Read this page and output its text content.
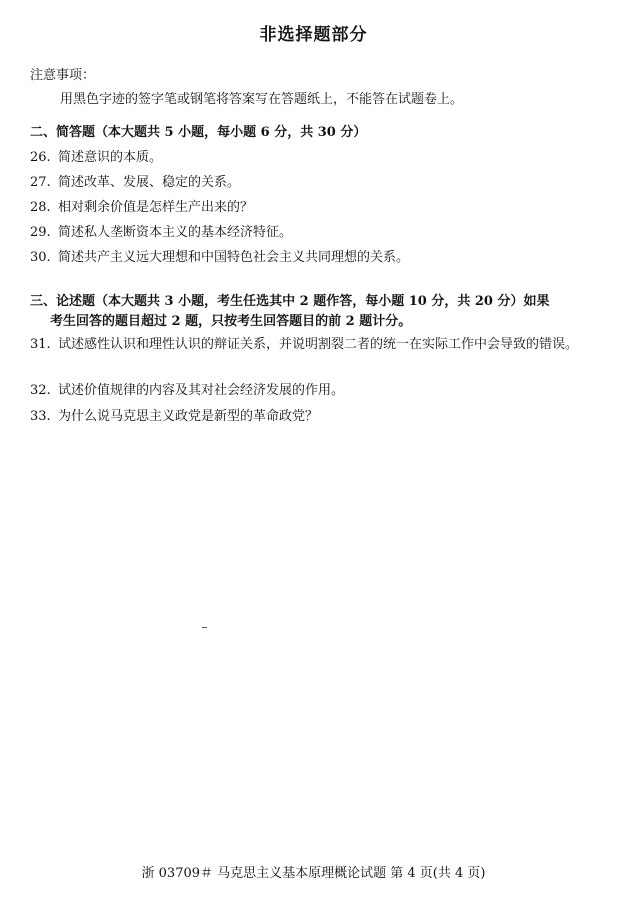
非选择题部分
注意事项：
用黑色字迹的签字笔或钢笔将答案写在答题纸上，不能答在试题卷上。
二、简答题（本大题共 5 小题，每小题 6 分，共 30 分）
26. 简述意识的本质。
27. 简述改革、发展、稳定的关系。
28. 相对剩余价值是怎样生产出来的？
29. 简述私人垄断资本主义的基本经济特征。
30. 简述共产主义远大理想和中国特色社会主义共同理想的关系。
三、论述题（本大题共 3 小题，考生任选其中 2 题作答，每小题 10 分，共 20 分）如果
考生回答的题目超过 2 题，只按考生回答题目的前 2 题计分。
31. 试述感性认识和理性认识的辩证关系，并说明割裂二者的统一在实际工作中会导致的错误。
32. 试述价值规律的内容及其对社会经济发展的作用。
33. 为什么说马克思主义政党是新型的革命政党？
浙 03709＃ 马克思主义基本原理概论试题 第 4 页(共 4 页)
